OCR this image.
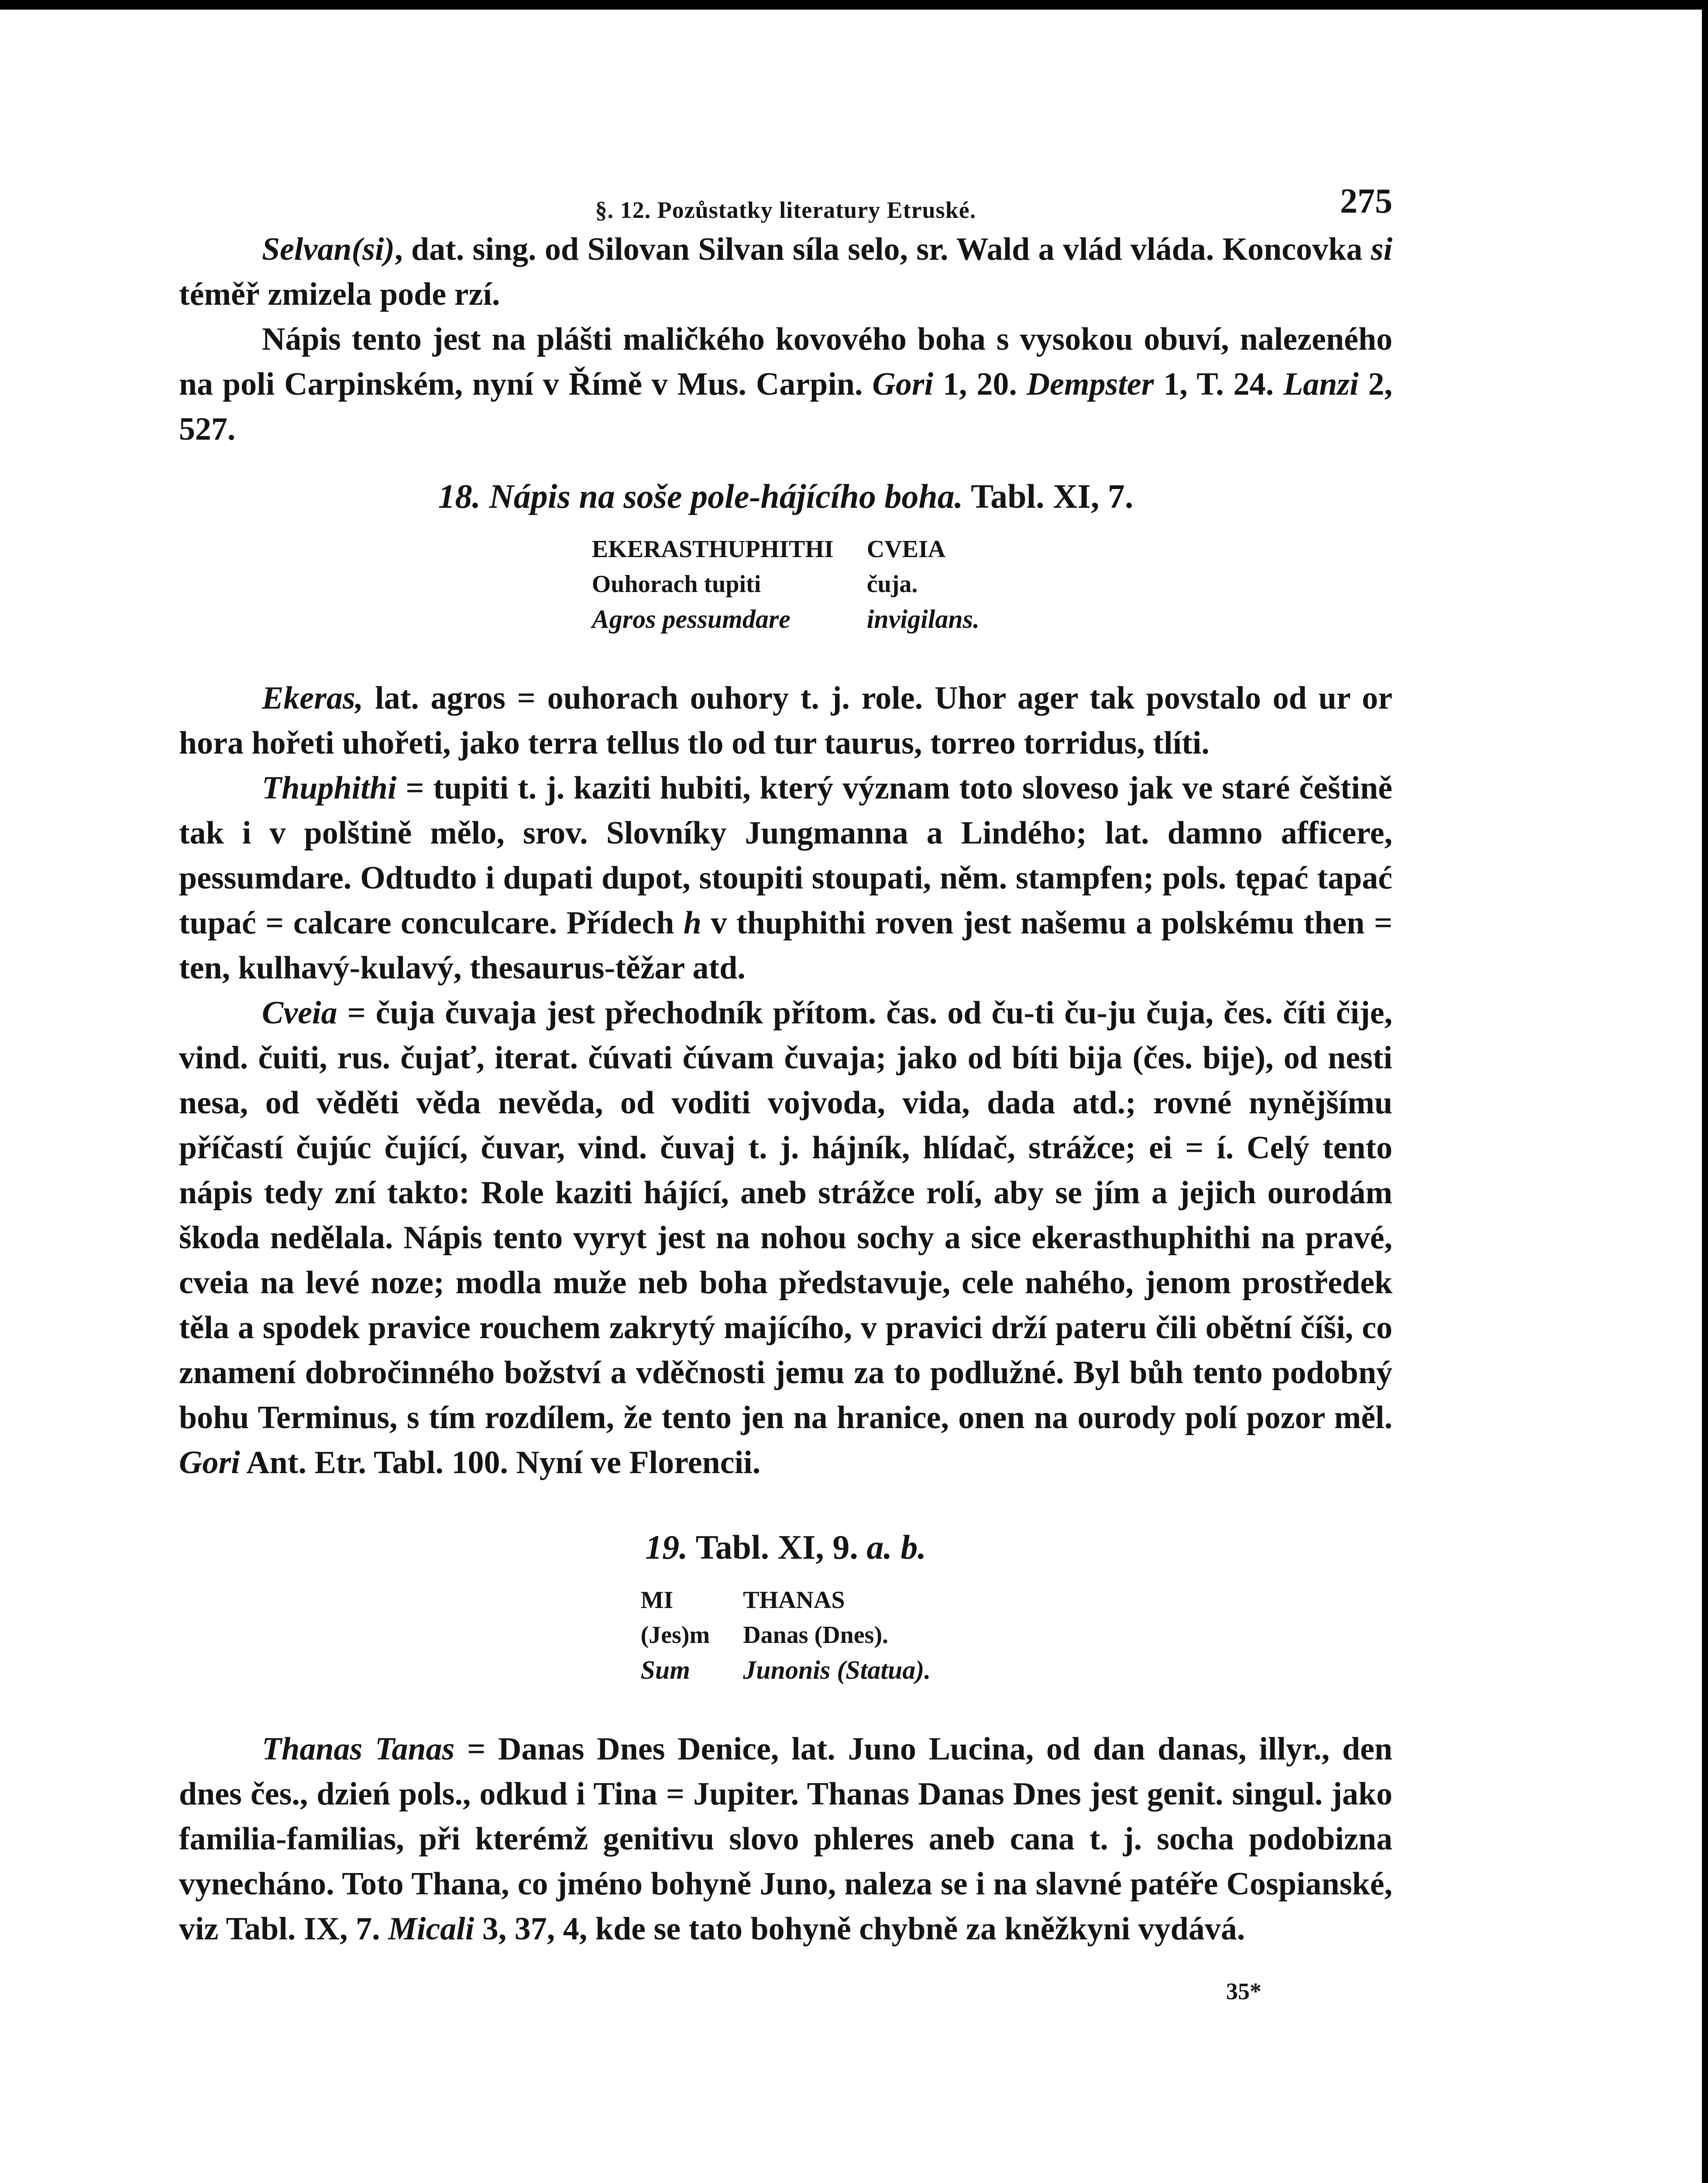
§. 12. Pozůstatky literatury Etruské.	275

Selvan(si), dat. sing. od Silovan Silvan síla selo, sr. Wald a vlád vláda. Koncovka si téměř zmizela pode rzí.

Nápis tento jest na plášti maličkého kovového boha s vysokou obuví, nalezeného na poli Carpinském, nyní v Římě v Mus. Carpin. Gori 1, 20. Dempster 1, T. 24. Lanzi 2, 527.

18. Nápis na soše pole-hájícího boha. Tabl. XI, 7.
EKERASTHUPHITHI	CVEIA
Ouhorach tupiti	čuja.
Agros pessumdare	invigilans.

Ekeras, lat. agros = ouhorach ouhory t. j. role. Uhor ager tak povstalo od ur or hora hořeti uhořeti, jako terra tellus tlo od tur taurus, torreo torridus, tlíti.

Thuphithi = tupiti t. j. kaziti hubiti, který význam toto sloveso jak ve staré češtině tak i v polštině mělo, srov. Slovníky Jungmanna a Lindého; lat. damno afficere, pessumdare. Odtudto i dupati dupot, stoupiti stoupati, něm. stampfen; pols. tępać tapać tupać = calcare conculcare. Přídech h v thuphithi roven jest našemu a polskému then = ten, kulhavý-kulavý, thesaurus-těžar atd.

Cveia = čuja čuvaja jest přechodník přítom. čas. od ču-ti ču-ju čuja, čes. číti čije, vind. čuiti, rus. čujať, iterat. čúvati čúvam čuvaja; jako od bíti bija (čes. bije), od nesti nesa, od věděti věda nevěda, od voditi vojvoda, vida, dada atd.; rovné nynějšímu příčastí čujúc čující, čuvar, vind. čuvaj t. j. hájník, hlídač, strážce; ei = í. Celý tento nápis tedy zní takto: Role kaziti hájící, aneb strážce rolí, aby se jím a jejich ourodám škoda nedělala. Nápis tento vyryt jest na nohou sochy a sice ekerasthuphithi na pravé, cveia na levé noze; modla muže neb boha představuje, cele nahého, jenom prostředek těla a spodek pravice rouchem zakrytý majícího, v pravici drží pateru čili obětní číši, co znamení dobročinného božství a vděčnosti jemu za to podlužné. Byl bůh tento podobný bohu Terminus, s tím rozdílem, že tento jen na hranice, onen na ourody polí pozor měl. Gori Ant. Etr. Tabl. 100. Nyní ve Florencii.

19. Tabl. XI, 9. a. b.
MI	THANAS
(Jes)m	Danas (Dnes).
Sum	Junonis (Statua).

Thanas Tanas = Danas Dnes Denice, lat. Juno Lucina, od dan danas, illyr., den dnes čes., dzień pols., odkud i Tina = Jupiter. Thanas Danas Dnes jest genit. singul. jako familia-familias, při kterémž genitivu slovo phleres aneb cana t. j. socha podobizna vynecháno. Toto Thana, co jméno bohyně Juno, naleza se i na slavné patéře Cospianské, viz Tabl. IX, 7. Micali 3, 37, 4, kde se tato bohyně chybně za kněžkyni vydává.

35*
